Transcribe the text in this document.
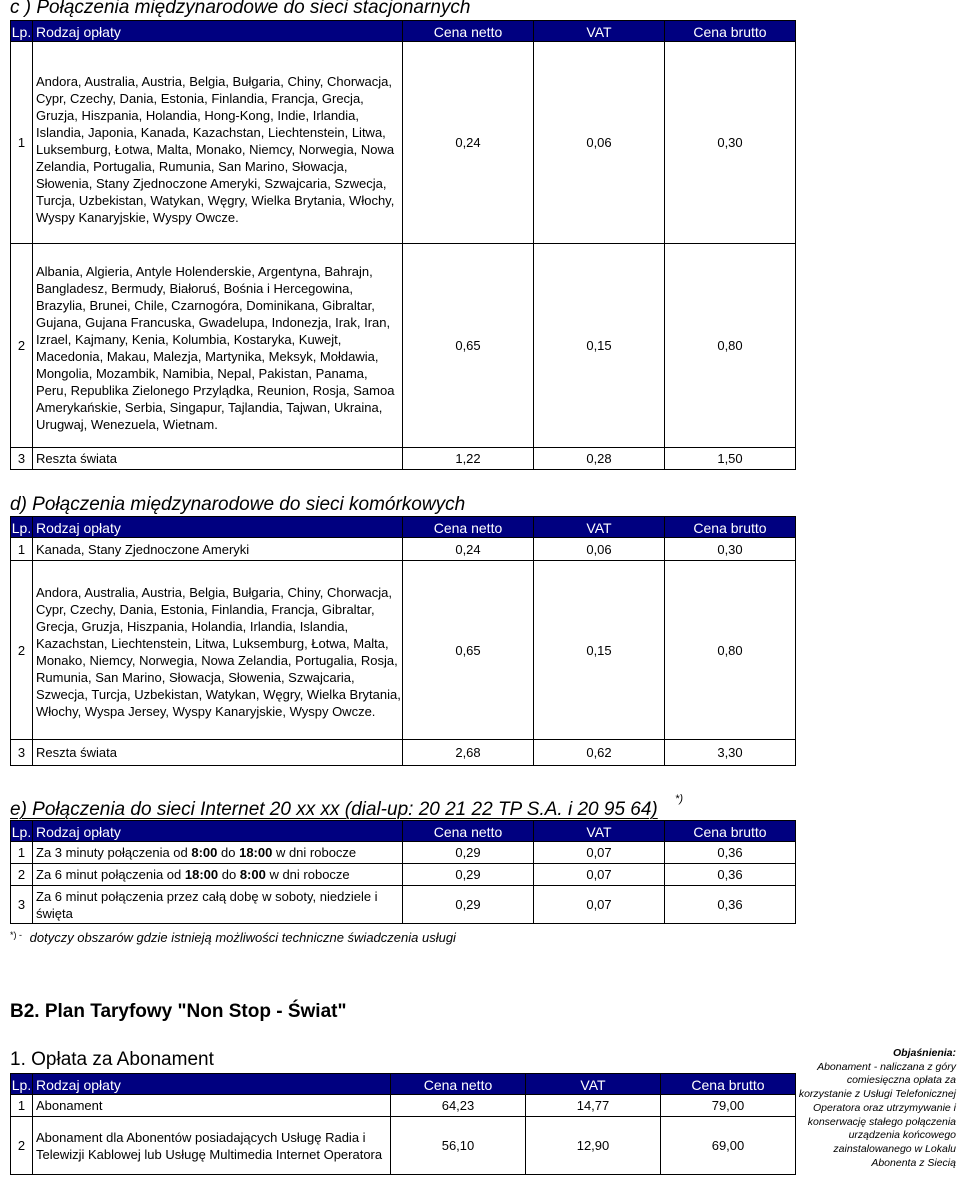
c ) Połączenia międzynarodowe do sieci stacjonarnych
Lp.	Rodzaj opłaty	Cena netto	VAT	Cena brutto
1	Andora, Australia, Austria, Belgia, Bułgaria, Chiny, Chorwacja, Cypr, Czechy, Dania, Estonia, Finlandia, Francja, Grecja, Gruzja, Hiszpania, Holandia, Hong-Kong, Indie, Irlandia, Islandia, Japonia, Kanada, Kazachstan, Liechtenstein, Litwa, Luksemburg, Łotwa, Malta, Monako, Niemcy, Norwegia, Nowa Zelandia, Portugalia, Rumunia, San Marino, Słowacja, Słowenia, Stany Zjednoczone Ameryki, Szwajcaria, Szwecja, Turcja, Uzbekistan, Watykan, Węgry, Wielka Brytania, Włochy, Wyspy Kanaryjskie, Wyspy Owcze.	0,24	0,06	0,30
2	Albania, Algieria, Antyle Holenderskie, Argentyna, Bahrajn, Bangladesz, Bermudy, Białoruś, Bośnia i Hercegowina, Brazylia, Brunei, Chile, Czarnogóra, Dominikana, Gibraltar, Gujana, Gujana Francuska, Gwadelupa, Indonezja, Irak, Iran, Izrael, Kajmany, Kenia, Kolumbia, Kostaryka, Kuwejt, Macedonia, Makau, Malezja, Martynika, Meksyk, Mołdawia, Mongolia, Mozambik, Namibia, Nepal, Pakistan, Panama, Peru, Republika Zielonego Przylądka, Reunion, Rosja, Samoa Amerykańskie, Serbia, Singapur, Tajlandia, Tajwan, Ukraina, Urugwaj, Wenezuela, Wietnam.	0,65	0,15	0,80
3	Reszta świata	1,22	0,28	1,50
d) Połączenia międzynarodowe do sieci komórkowych
Lp.	Rodzaj opłaty	Cena netto	VAT	Cena brutto
1	Kanada, Stany Zjednoczone Ameryki	0,24	0,06	0,30
2	Andora, Australia, Austria, Belgia, Bułgaria, Chiny, Chorwacja, Cypr, Czechy, Dania, Estonia, Finlandia, Francja, Gibraltar, Grecja, Gruzja, Hiszpania, Holandia, Irlandia, Islandia, Kazachstan, Liechtenstein, Litwa, Luksemburg, Łotwa, Malta, Monako, Niemcy, Norwegia, Nowa Zelandia, Portugalia, Rosja, Rumunia, San Marino, Słowacja, Słowenia, Szwajcaria, Szwecja, Turcja, Uzbekistan, Watykan, Węgry, Wielka Brytania, Włochy, Wyspa Jersey, Wyspy Kanaryjskie, Wyspy Owcze.	0,65	0,15	0,80
3	Reszta świata	2,68	0,62	3,30
e) Połączenia do sieci Internet 20 xx xx (dial-up: 20 21 22 TP S.A. i 20 95 64) *)
Lp.	Rodzaj opłaty	Cena netto	VAT	Cena brutto
1	Za 3 minuty połączenia od 8:00 do 18:00 w dni robocze	0,29	0,07	0,36
2	Za 6 minut połączenia od 18:00 do 8:00 w dni robocze	0,29	0,07	0,36
3	Za 6 minut połączenia przez całą dobę w soboty, niedziele i święta	0,29	0,07	0,36
*) - dotyczy obszarów gdzie istnieją możliwości techniczne świadczenia usługi
B2. Plan Taryfowy "Non Stop - Świat"
1. Opłata za Abonament
Lp.	Rodzaj opłaty	Cena netto	VAT	Cena brutto
1	Abonament	64,23	14,77	79,00
2	Abonament dla Abonentów posiadających Usługę Radia i Telewizji Kablowej lub Usługę Multimedia Internet Operatora	56,10	12,90	69,00
Objaśnienia:
Abonament - naliczana z góry comiesięczna opłata za korzystanie z Usługi Telefonicznej Operatora oraz utrzymywanie i konserwację stałego połączenia urządzenia końcowego zainstalowanego w Lokalu Abonenta z Siecią
